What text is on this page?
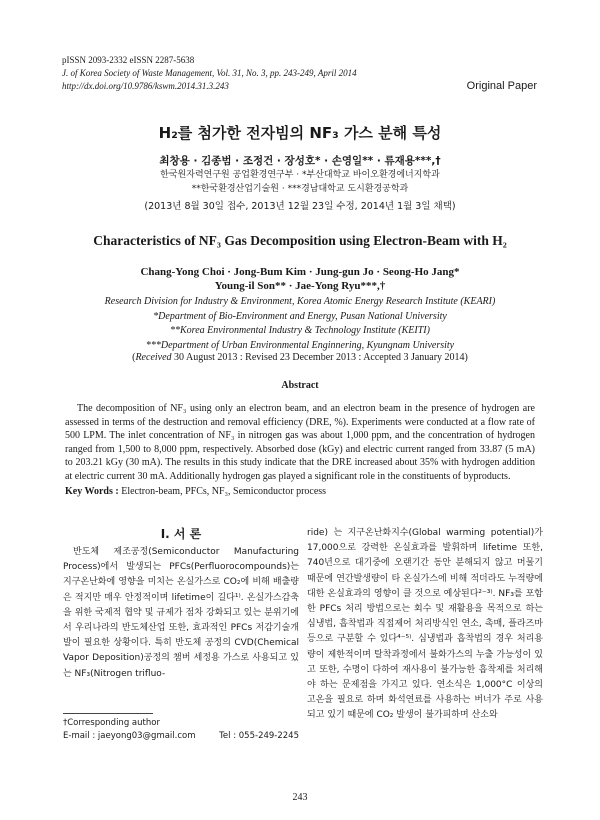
pISSN 2093-2332 eISSN 2287-5638
J. of Korea Society of Waste Management, Vol. 31, No. 3, pp. 243-249, April 2014
http://dx.doi.org/10.9786/kswm.2014.31.3.243	Original Paper
H₂를 첨가한 전자빔의 NF₃ 가스 분해 특성
최창용 · 김종범 · 조정건 · 장성호* · 손영일** · 류재용***,†
한국원자력연구원 공업환경연구부 · *부산대학교 바이오환경에너지학과
**한국환경산업기술원 · ***경남대학교 도시환경공학과
(2013년 8월 30일 접수, 2013년 12월 23일 수정, 2014년 1월 3일 채택)
Characteristics of NF₃ Gas Decomposition using Electron-Beam with H₂
Chang-Yong Choi · Jong-Bum Kim · Jung-gun Jo · Seong-Ho Jang*
Young-il Son** · Jae-Yong Ryu***,†
Research Division for Industry & Environment, Korea Atomic Energy Research Institute (KEARI)
*Department of Bio-Environment and Energy, Pusan National University
**Korea Environmental Industry & Technology Institute (KEITI)
***Department of Urban Environmental Enginnering, Kyungnam University
(Received 30 August 2013 : Revised 23 December 2013 : Accepted 3 January 2014)
Abstract

The decomposition of NF₃ using only an electron beam, and an electron beam in the presence of hydrogen are assessed in terms of the destruction and removal efficiency (DRE, %). Experiments were conducted at a flow rate of 500 LPM. The inlet concentration of NF₃ in nitrogen gas was about 1,000 ppm, and the concentration of hydrogen ranged from 1,500 to 8,000 ppm, respectively. Absorbed dose (kGy) and electric current ranged from 33.87 (5 mA) to 203.21 kGy (30 mA). The results in this study indicate that the DRE increased about 35% with hydrogen addition at electric current 30 mA. Additionally hydrogen gas played a significant role in the constituents of byproducts.

Key Words : Electron-beam, PFCs, NF₃, Semiconductor process
I. 서 론

반도체 제조공정(Semiconductor Manufacturing Process)에서 발생되는 PFCs(Perfluorocompounds)는 지구온난화에 영향을 미치는 온실가스로 CO₂에 비해 배출량은 적지만 매우 안정적이며 lifetime이 길다¹⁾. 온실가스감축을 위한 국제적 협약 및 규제가 점차 강화되고 있는 분위기에서 우리나라의 반도체산업 또한, 효과적인 PFCs 저감기술개발이 필요한 상황이다. 특히 반도체 공정의 CVD(Chemical Vapor Deposition)공정의 챔버 세정용 가스로 사용되고 있는 NF₃(Nitrogen trifluo-

ride) 는 지구온난화지수(Global warming potential)가 17,000으로 강력한 온실효과를 발휘하며 lifetime 또한, 740년으로 대기중에 오랜기간 동안 분해되지 않고 머물기 때문에 연간발생량이 타 온실가스에 비해 적더라도 누적량에 대한 온실효과의 영향이 클 것으로 예상된다²⁻³⁾. NF₃를 포함한 PFCs 처리 방법으로는 회수 및 재활용을 목적으로 하는 심냉법, 흡착법과 직접제어 처리방식인 연소, 촉매, 플라즈마 등으로 구분할 수 있다⁴⁻⁵⁾. 심냉법과 흡착법의 경우 처리용량이 제한적이며 탈착과정에서 불화가스의 누출 가능성이 있고 또한, 수명이 다하여 재사용이 불가능한 흡착제를 처리해야 하는 문제점을 가지고 있다. 연소식은 1,000°C 이상의 고온을 필요로 하며 화석연료를 사용하는 버너가 주로 사용되고 있기 때문에 CO₂ 발생이 불가피하며 산소와

†Corresponding author
E-mail : jaeyong03@gmail.com	Tel : 055-249-2245
243
